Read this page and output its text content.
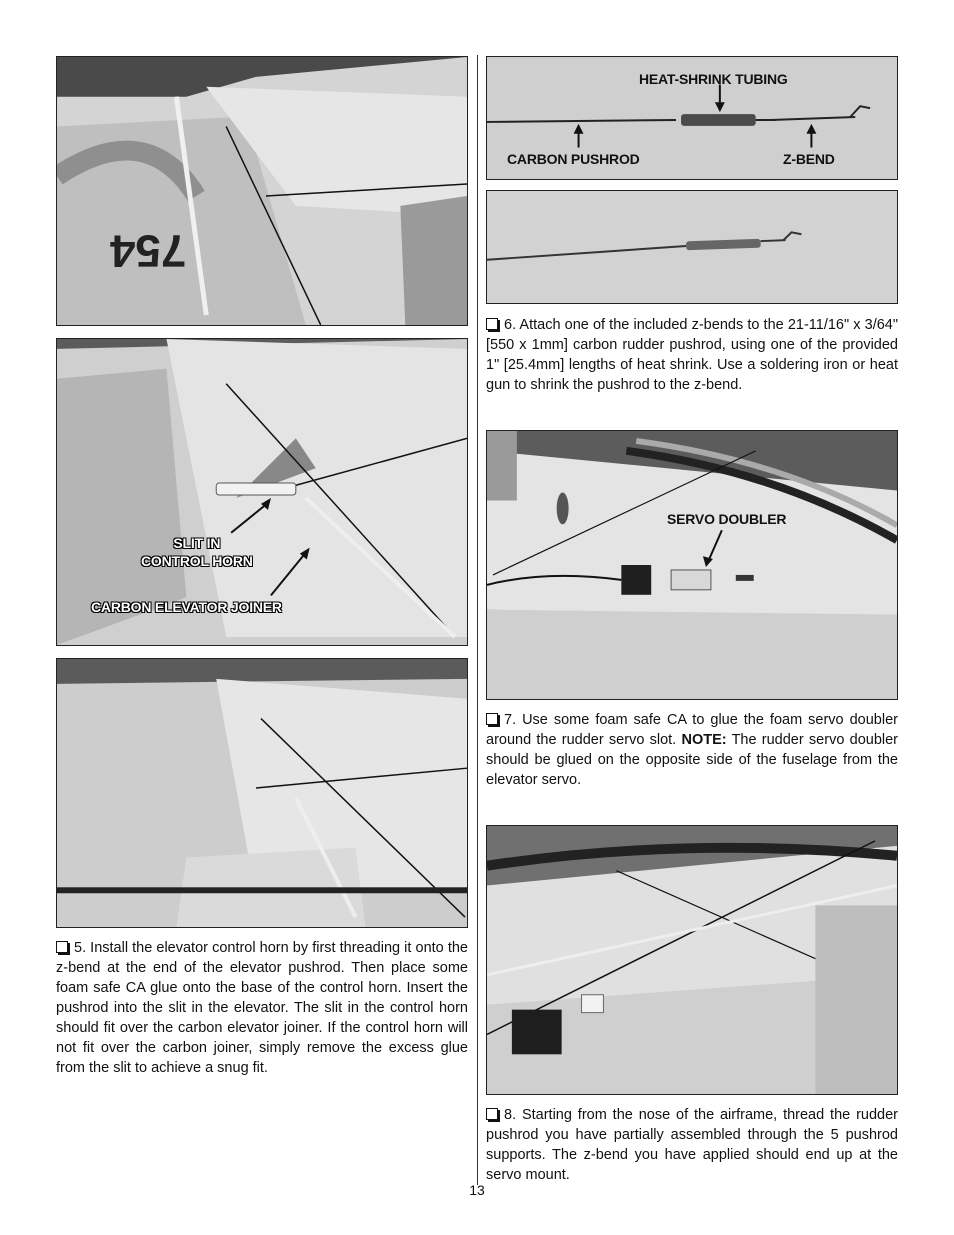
754
SLIT IN
CONTROL HORN
CARBON ELEVATOR JOINER
5. Install the elevator control horn by first threading it onto the z-bend at the end of the elevator pushrod. Then place some foam safe CA glue onto the base of the control horn. Insert the pushrod into the slit in the elevator. The slit in the control horn should fit over the carbon elevator joiner. If the control horn will not fit over the carbon joiner, simply remove the excess glue from the slit to achieve a snug fit.
HEAT-SHRINK TUBING
CARBON PUSHROD	Z-BEND
6. Attach one of the included z-bends to the 21-11/16" x 3/64" [550 x 1mm] carbon rudder pushrod, using one of the provided 1" [25.4mm] lengths of heat shrink. Use a soldering iron or heat gun to shrink the pushrod to the z-bend.
SERVO DOUBLER
7. Use some foam safe CA to glue the foam servo doubler around the rudder servo slot. NOTE: The rudder servo doubler should be glued on the opposite side of the fuselage from the elevator servo.
8. Starting from the nose of the airframe, thread the rudder pushrod you have partially assembled through the 5 pushrod supports. The z-bend you have applied should end up at the servo mount.
13
